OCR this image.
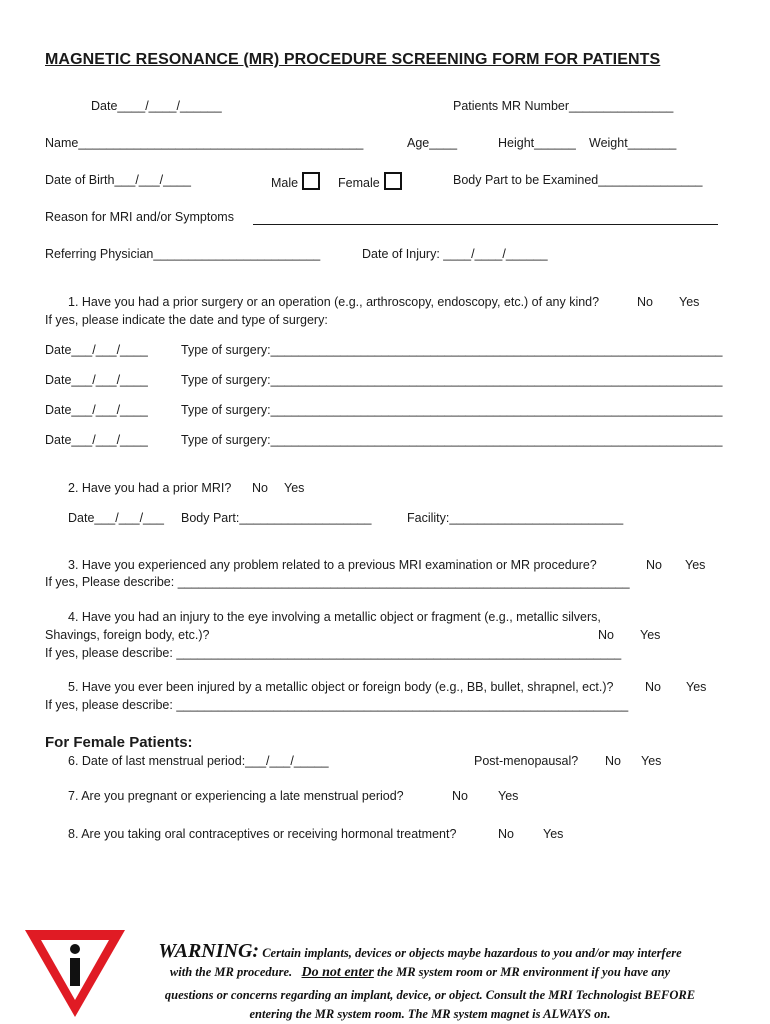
MAGNETIC RESONANCE (MR) PROCEDURE SCREENING FORM FOR PATIENTS
Date____/____/______	Patients MR Number_______________
Name_________________________________________	Age____	Height______ Weight_______
Date of Birth___/___/____	Male	Female	Body Part to be Examined_______________
Reason for MRI and/or Symptoms
Referring Physician________________________	Date of Injury: ____/____/______
1. Have you had a prior surgery or an operation (e.g., arthroscopy, endoscopy, etc.) of any kind?	No Yes
If yes, please indicate the date and type of surgery:
Date___/___/____	Type of surgery:_________________________________________________________________
Date___/___/____	Type of surgery:_________________________________________________________________
Date___/___/____	Type of surgery:_________________________________________________________________
Date___/___/____	Type of surgery:_________________________________________________________________
2. Have you had a prior MRI? No Yes
Date___/___/___ Body Part:___________________	Facility:_________________________
3. Have you experienced any problem related to a previous MRI examination or MR procedure?	No Yes
If yes, Please describe: _________________________________________________________________
4. Have you had an injury to the eye involving a metallic object or fragment (e.g., metallic silvers,
Shavings, foreign body, etc.)?	No Yes
If yes, please describe: ________________________________________________________________
5. Have you ever been injured by a metallic object or foreign body (e.g., BB, bullet, shrapnel, ect.)?	No Yes
If yes, please describe: _________________________________________________________________
For Female Patients:
6. Date of last menstrual period:___/___/_____	Post-menopausal? No Yes
7. Are you pregnant or experiencing a late menstrual period?	No Yes
8. Are you taking oral contraceptives or receiving hormonal treatment?	No Yes
WARNING: Certain implants, devices or objects maybe hazardous to you and/or may interfere
with the MR procedure. Do not enter the MR system room or MR environment if you have any
questions or concerns regarding an implant, device, or object. Consult the MRI Technologist BEFORE
entering the MR system room. The MR system magnet is ALWAYS on.
